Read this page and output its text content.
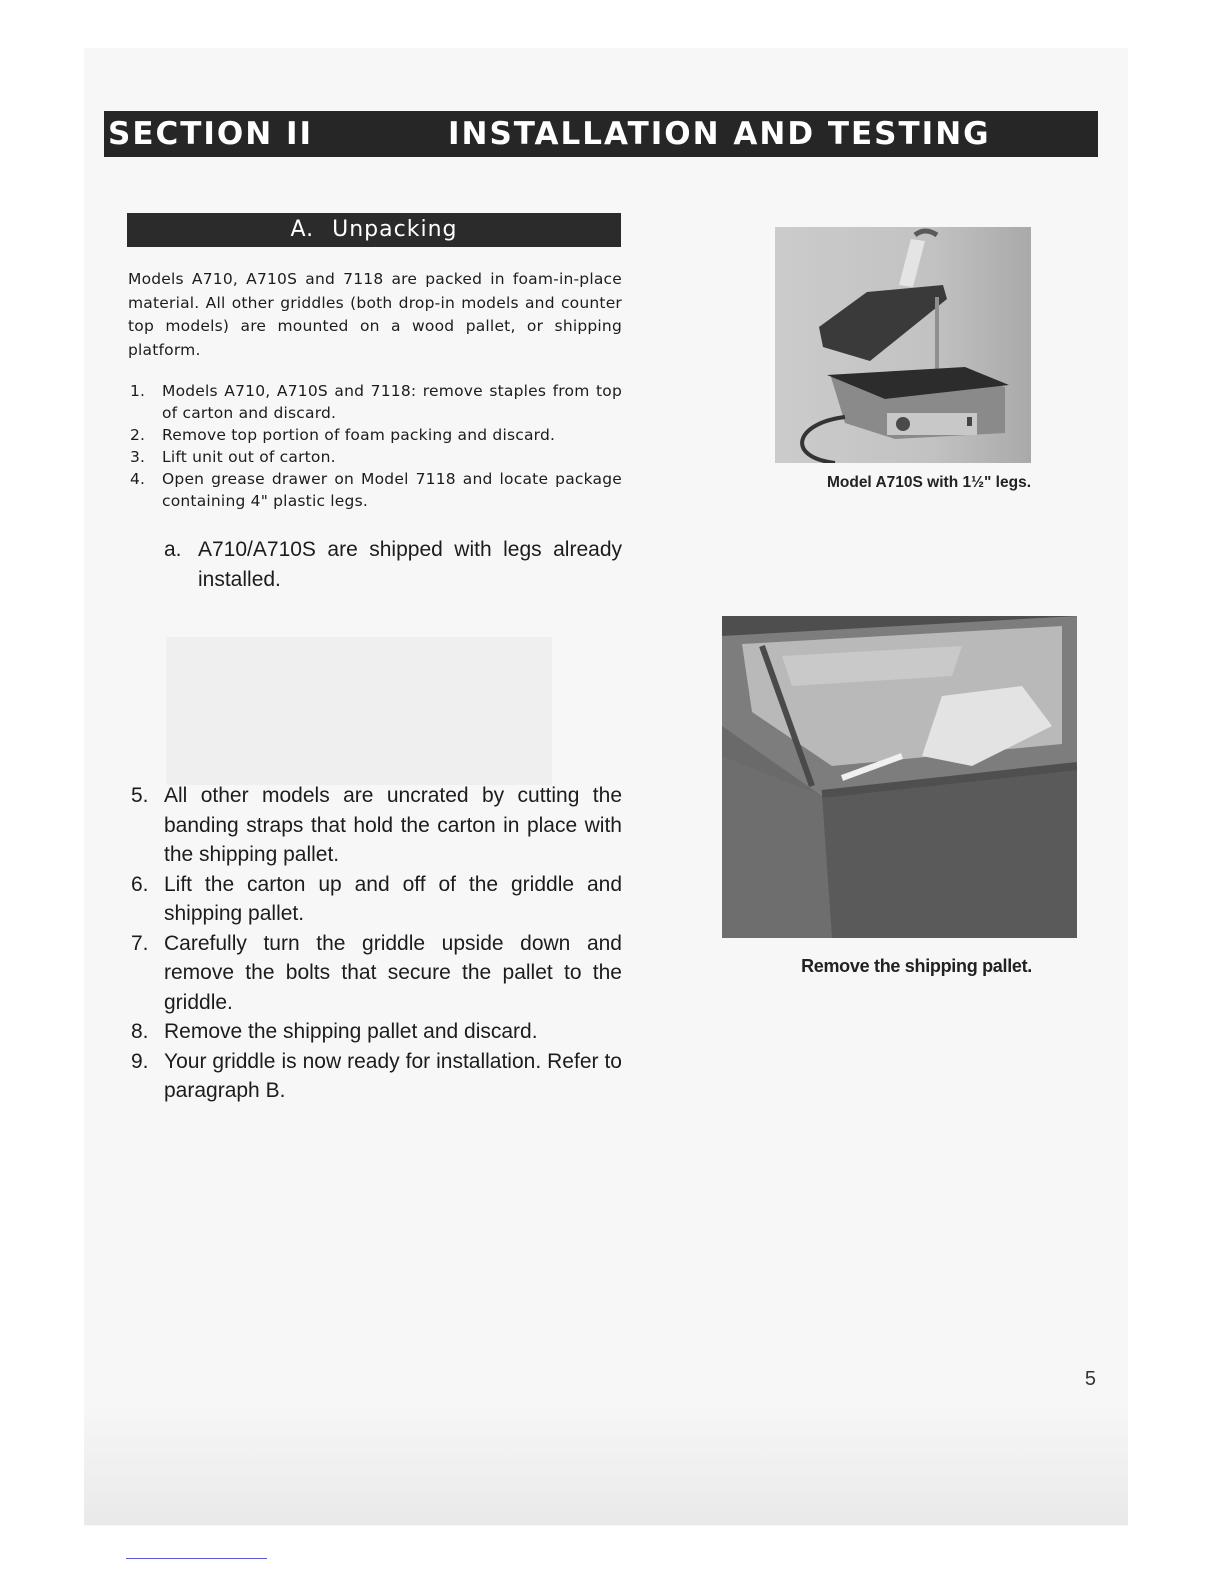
SECTION II	INSTALLATION AND TESTING
A. Unpacking

Models A710, A710S and 7118 are packed in foam-in-place material. All other griddles (both drop-in models and counter top models) are mounted on a wood pallet, or shipping platform.

1. Models A710, A710S and 7118: remove staples from top of carton and discard.
2. Remove top portion of foam packing and discard.
3. Lift unit out of carton.
4. Open grease drawer on Model 7118 and locate package containing 4" plastic legs.
a. A710/A710S are shipped with legs already installed.
5. All other models are uncrated by cutting the banding straps that hold the carton in place with the shipping pallet.
6. Lift the carton up and off of the griddle and shipping pallet.
7. Carefully turn the griddle upside down and remove the bolts that secure the pallet to the griddle.
8. Remove the shipping pallet and discard.
9. Your griddle is now ready for installation. Refer to paragraph B.
Model A710S with 1½" legs.
Remove the shipping pallet.
5
